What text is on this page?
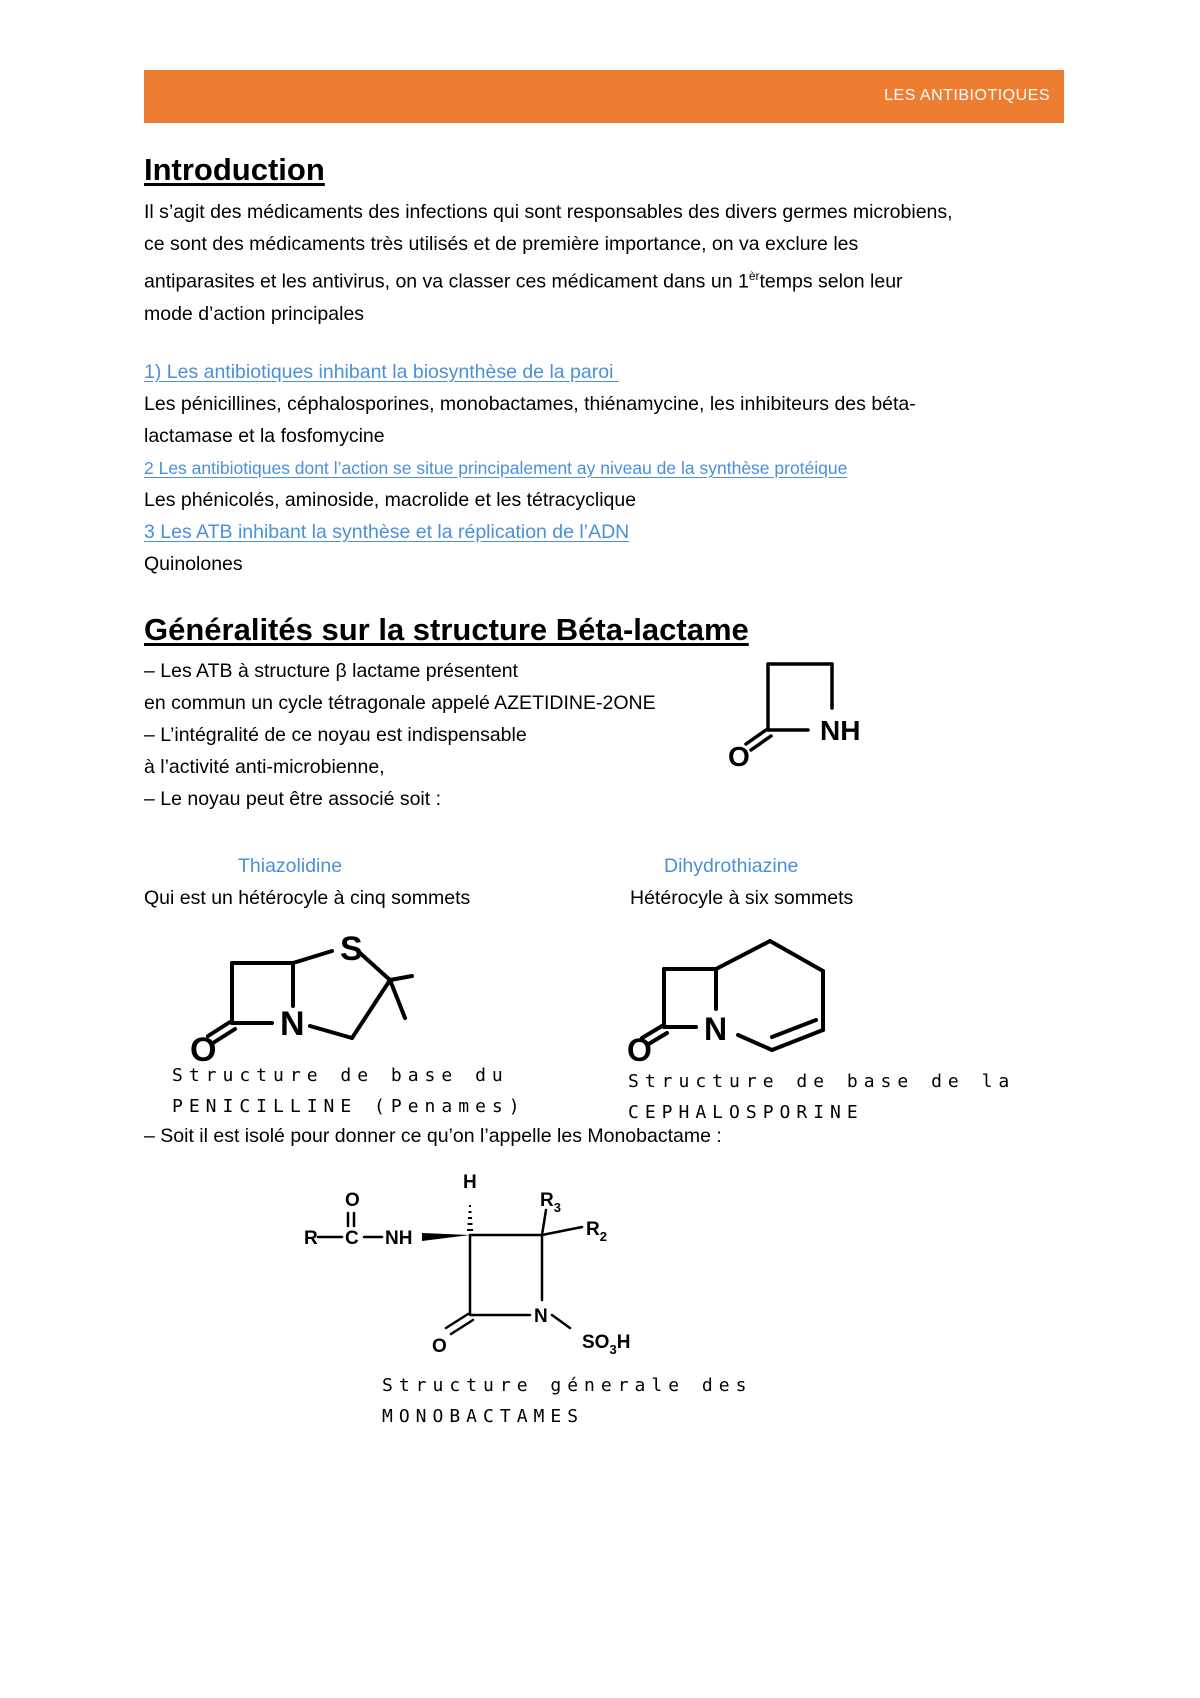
LES ANTIBIOTIQUES
Introduction
Il s’agit des médicaments des infections qui sont responsables des divers germes microbiens,
ce sont des médicaments très utilisés et de première importance, on va exclure les
antiparasites et les antivirus, on va classer ces médicament dans un $1^{èr}temps$ selon leur
mode d’action principales
1) Les antibiotiques inhibant la biosynthèse de la paroi
Les pénicillines, céphalosporines, monobactames, thiénamycine, les inhibiteurs des béta-
lactamase et la fosfomycine
2 Les antibiotiques dont l’action se situe principalement ay niveau de la synthèse protéique
Les phénicolés, aminoside, macrolide et les tétracyclique
3 Les ATB inhibant la synthèse et la réplication de l’ADN
Quinolones
Généralités sur la structure Béta-lactame
– Les ATB à structure β lactame présentent
en commun un cycle tétragonale appelé AZETIDINE-2ONE
– L’intégralité de ce noyau est indispensable
à l’activité anti-microbienne,
– Le noyau peut être associé soit :
NH
O
Thiazolidine
Qui est un hétérocyle à cinq sommets
Dihydrothiazine
Hétérocyle à six sommets
S
N
O
Structure de base du
PENICILLINE (Penames)
N
O
Structure de base de la
CEPHALOSPORINE
– Soit il est isolé pour donner ce qu’on l’appelle les Monobactame :
R C
O
NH
H
$R_3$
$R_2$
N
$SO_3H$
O
Structure génerale des
MONOBACTAMES
